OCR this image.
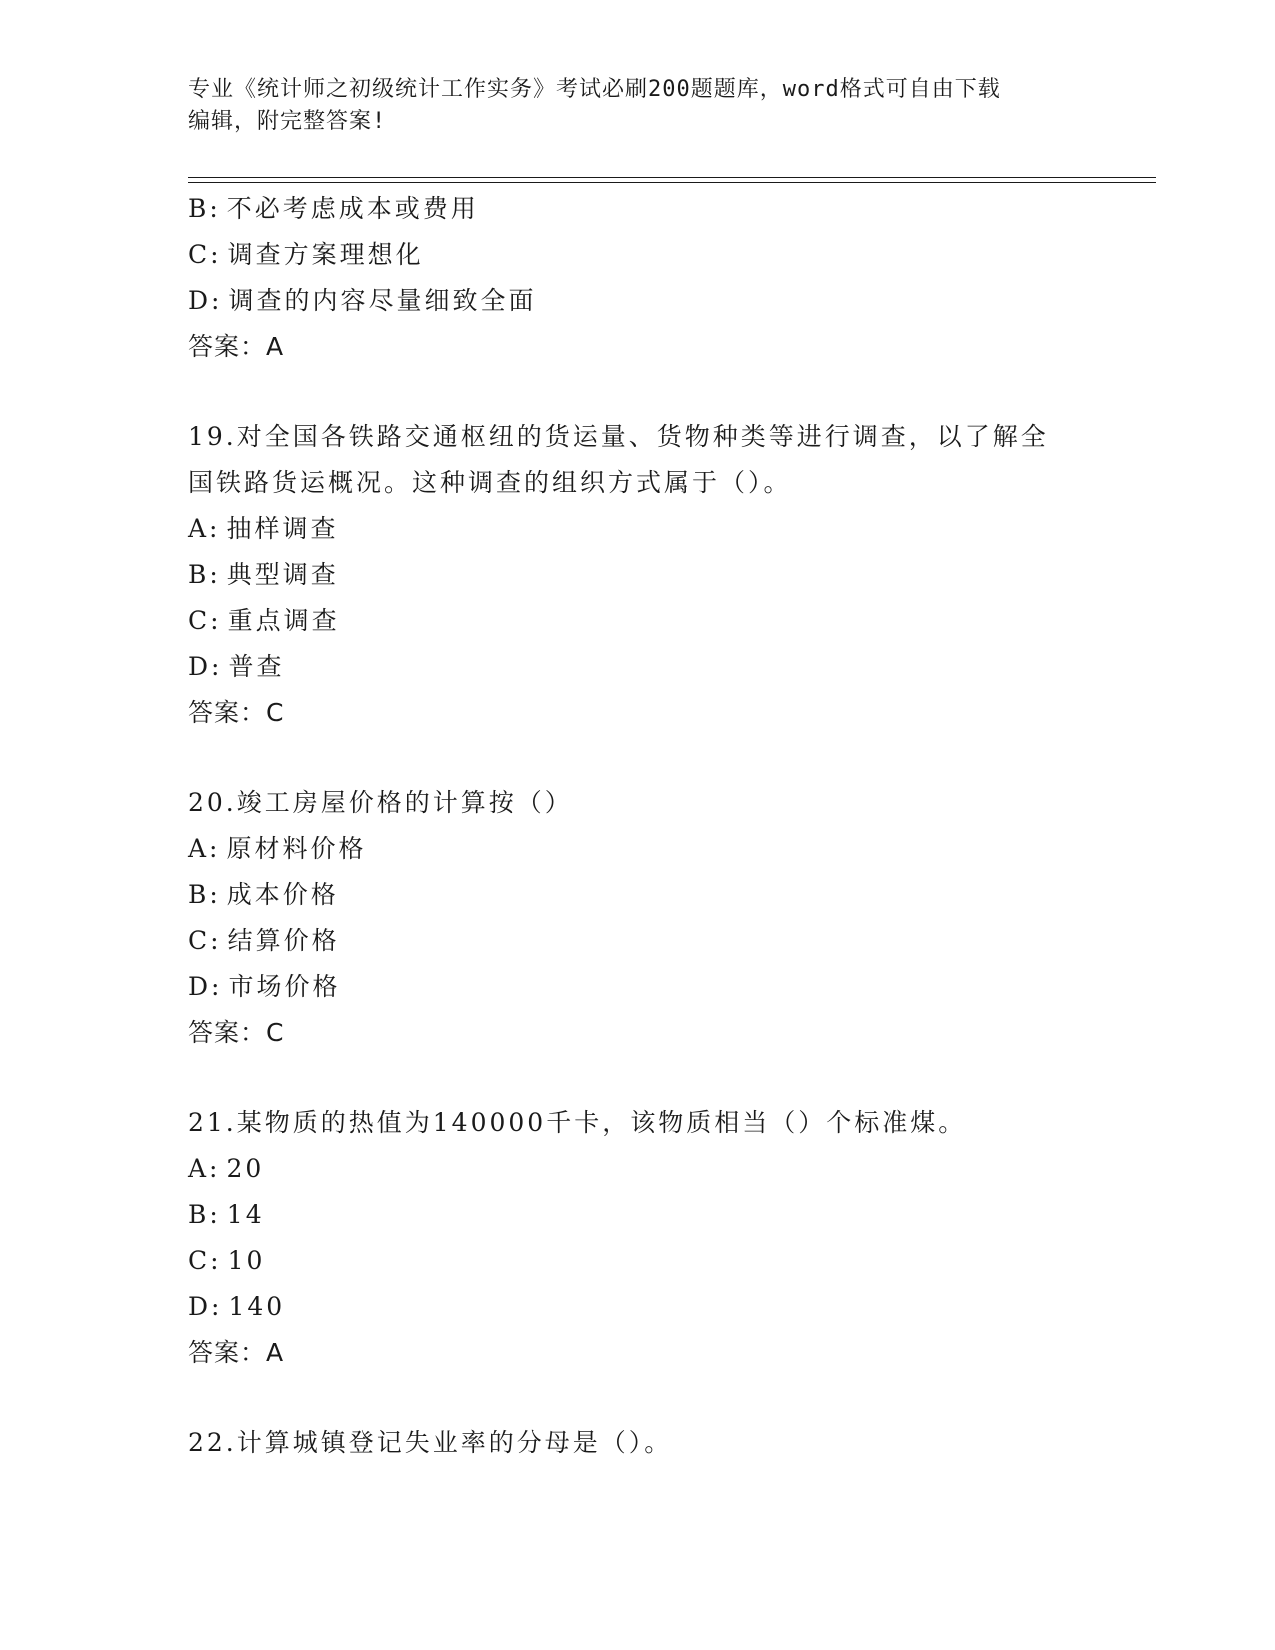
专业《统计师之初级统计工作实务》考试必刷200题题库，word格式可自由下载
编辑，附完整答案!
B: 不必考虑成本或费用
C: 调查方案理想化
D: 调查的内容尽量细致全面
答案：A
19.对全国各铁路交通枢纽的货运量、货物种类等进行调查，以了解全
国铁路货运概况。这种调查的组织方式属于（）。
A: 抽样调查
B: 典型调查
C: 重点调查
D: 普查
答案：C
20.竣工房屋价格的计算按（）
A: 原材料价格
B: 成本价格
C: 结算价格
D: 市场价格
答案：C
21.某物质的热值为140000千卡，该物质相当（）个标准煤。
A: 20
B: 14
C: 10
D: 140
答案：A
22.计算城镇登记失业率的分母是（）。
